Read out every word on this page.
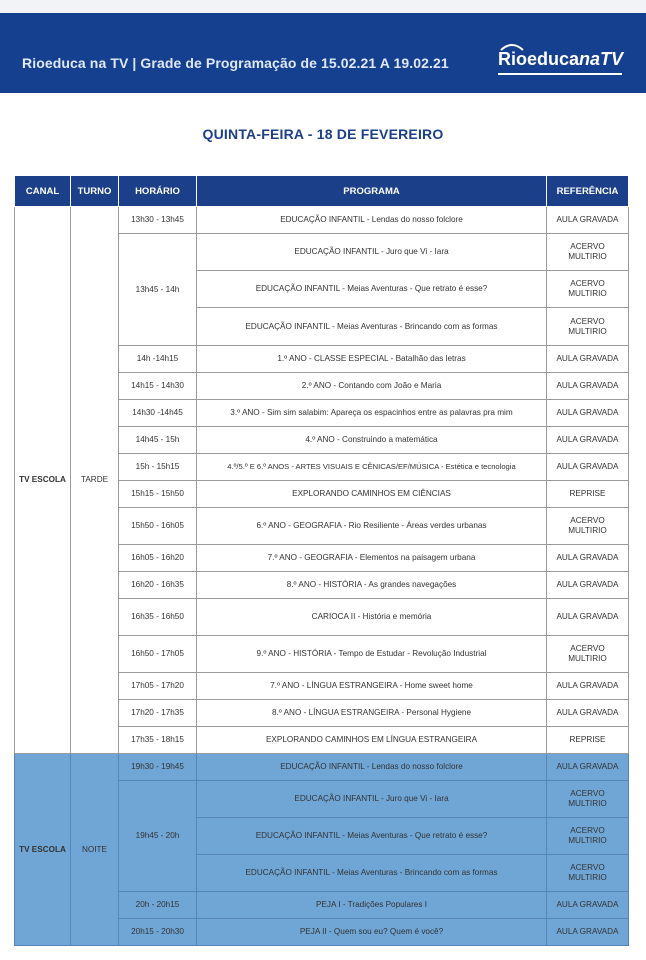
Rioeduca na TV | Grade de Programação de 15.02.21 A 19.02.21	RioeducanaTV
QUINTA-FEIRA - 18 DE FEVEREIRO
CANAL	TURNO	HORÁRIO	PROGRAMA	REFERÊNCIA
TV ESCOLA	TARDE	13h30 - 13h45	EDUCAÇÃO INFANTIL - Lendas do nosso folclore	AULA GRAVADA
		13h45 - 14h	EDUCAÇÃO INFANTIL - Juro que Vi - Iara	ACERVO MULTIRIO
			EDUCAÇÃO INFANTIL - Meias Aventuras - Que retrato é esse?	ACERVO MULTIRIO
			EDUCAÇÃO INFANTIL - Meias Aventuras - Brincando com as formas	ACERVO MULTIRIO
		14h -14h15	1.º ANO - CLASSE ESPECIAL - Batalhão das letras	AULA GRAVADA
		14h15 - 14h30	2.º ANO - Contando com João e Maria	AULA GRAVADA
		14h30 -14h45	3.º ANO - Sim sim salabim: Apareça os espacinhos entre as palavras pra mim	AULA GRAVADA
		14h45 - 15h	4.º ANO - Construindo a matemática	AULA GRAVADA
		15h - 15h15	4.º/5.º E 6.º ANOS - ARTES VISUAIS E CÊNICAS/EF/MÚSICA - Estética e tecnologia	AULA GRAVADA
		15h15 - 15h50	EXPLORANDO CAMINHOS EM CIÊNCIAS	REPRISE
		15h50 - 16h05	6.º ANO - GEOGRAFIA - Rio Resiliente - Áreas verdes urbanas	ACERVO MULTIRIO
		16h05 - 16h20	7.º ANO - GEOGRAFIA - Elementos na paisagem urbana	AULA GRAVADA
		16h20 - 16h35	8.º ANO - HISTÓRIA - As grandes navegações	AULA GRAVADA
		16h35 - 16h50	CARIOCA II - História e memória	AULA GRAVADA
		16h50 - 17h05	9.º ANO - HISTÓRIA - Tempo de Estudar - Revolução Industrial	ACERVO MULTIRIO
		17h05 - 17h20	7.º ANO - LÍNGUA ESTRANGEIRA - Home sweet home	AULA GRAVADA
		17h20 - 17h35	8.º ANO - LÍNGUA ESTRANGEIRA - Personal Hygiene	AULA GRAVADA
		17h35 - 18h15	EXPLORANDO CAMINHOS EM LÍNGUA ESTRANGEIRA	REPRISE
TV ESCOLA	NOITE	19h30 - 19h45	EDUCAÇÃO INFANTIL - Lendas do nosso folclore	AULA GRAVADA
		19h45 - 20h	EDUCAÇÃO INFANTIL - Juro que Vi - Iara	ACERVO MULTIRIO
			EDUCAÇÃO INFANTIL - Meias Aventuras - Que retrato é esse?	ACERVO MULTIRIO
			EDUCAÇÃO INFANTIL - Meias Aventuras - Brincando com as formas	ACERVO MULTIRIO
		20h - 20h15	PEJA I - Tradições Populares I	AULA GRAVADA
		20h15 - 20h30	PEJA II - Quem sou eu? Quem é você?	AULA GRAVADA
